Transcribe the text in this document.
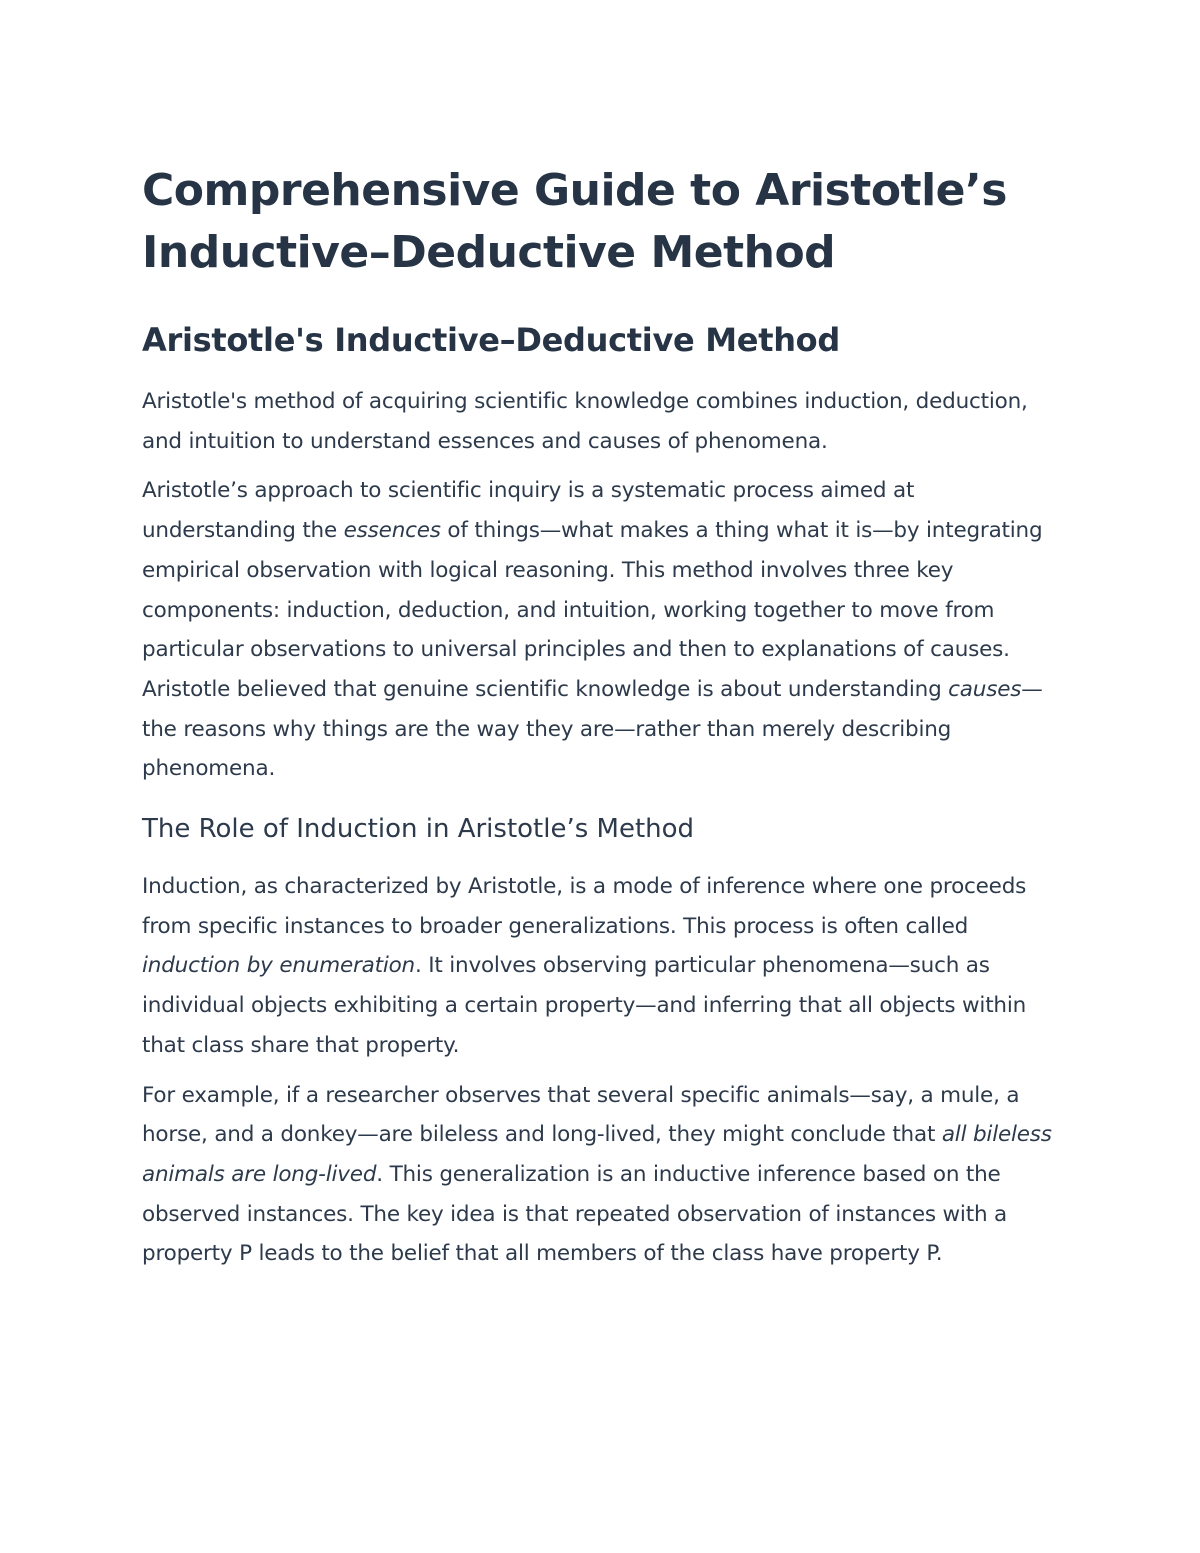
Comprehensive Guide to Aristotle’s Inductive–Deductive Method
Aristotle's Inductive–Deductive Method

Aristotle's method of acquiring scientific knowledge combines induction, deduction, and intuition to understand essences and causes of phenomena.

Aristotle’s approach to scientific inquiry is a systematic process aimed at understanding the essences of things—what makes a thing what it is—by integrating empirical observation with logical reasoning. This method involves three key components: induction, deduction, and intuition, working together to move from particular observations to universal principles and then to explanations of causes. Aristotle believed that genuine scientific knowledge is about understanding causes—the reasons why things are the way they are—rather than merely describing phenomena.

The Role of Induction in Aristotle’s Method

Induction, as characterized by Aristotle, is a mode of inference where one proceeds from specific instances to broader generalizations. This process is often called induction by enumeration. It involves observing particular phenomena—such as individual objects exhibiting a certain property—and inferring that all objects within that class share that property.

For example, if a researcher observes that several specific animals—say, a mule, a horse, and a donkey—are bileless and long-lived, they might conclude that all bileless animals are long-lived. This generalization is an inductive inference based on the observed instances. The key idea is that repeated observation of instances with a property P leads to the belief that all members of the class have property P.
